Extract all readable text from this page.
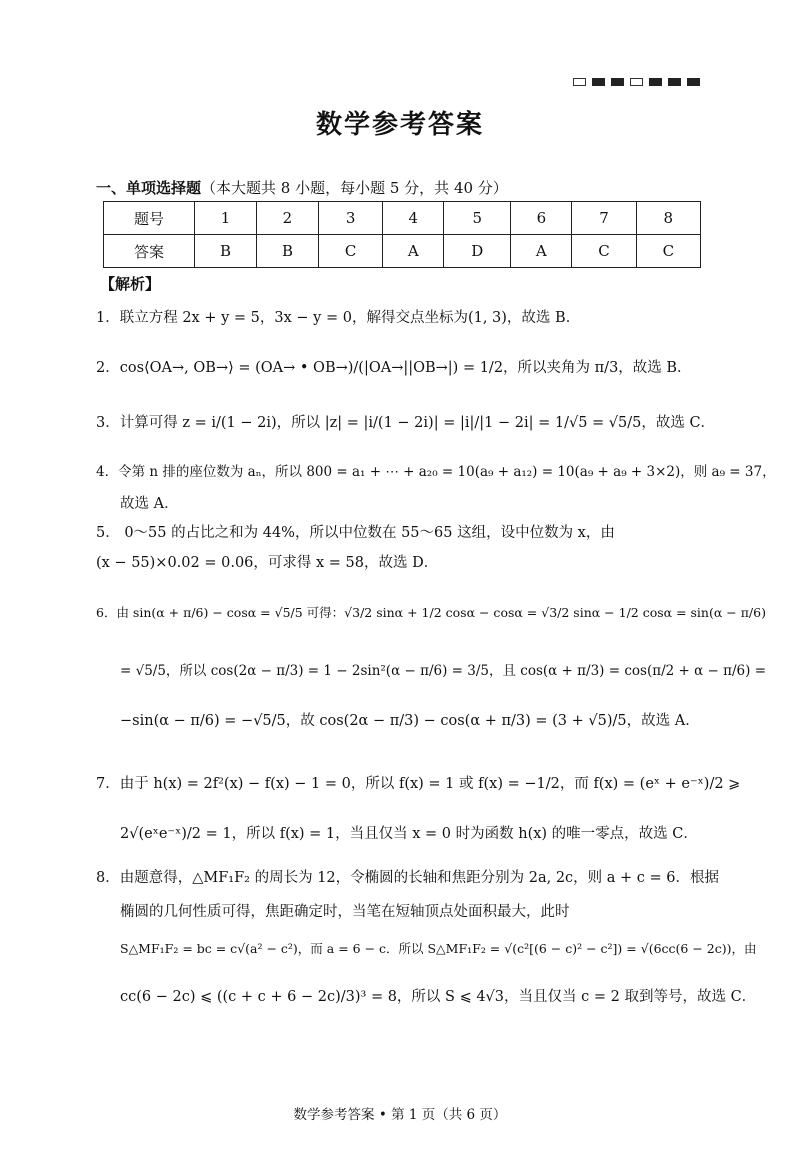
数学参考答案
一、单项选择题（本大题共 8 小题，每小题 5 分，共 40 分）
题号	1	2	3	4	5	6	7	8
答案	B	B	C	A	D	A	C	C
【解析】
1．联立方程 2x + y = 5，3x − y = 0，解得交点坐标为(1, 3)，故选 B．
2．cos⟨OA→, OB→⟩ = (OA→ • OB→)/(|OA→||OB→|) = 1/2，所以夹角为 π/3，故选 B．
3．计算可得 z = i/(1 − 2i)，所以 |z| = |i/(1 − 2i)| = |i|/|1 − 2i| = 1/√5 = √5/5，故选 C．
4．令第 n 排的座位数为 aₙ，所以 800 = a₁ + ⋯ + a₂₀ = 10(a₉ + a₁₂) = 10(a₉ + a₉ + 3×2)，则 a₉ = 37，
故选 A．
5． 0～55 的占比之和为 44%，所以中位数在 55～65 这组，设中位数为 x，由
(x − 55)×0.02 = 0.06，可求得 x = 58，故选 D．
6．由 sin(α + π/6) − cosα = √5/5 可得：√3/2 sinα + 1/2 cosα − cosα = √3/2 sinα − 1/2 cosα = sin(α − π/6)
= √5/5，所以 cos(2α − π/3) = 1 − 2sin²(α − π/6) = 3/5，且 cos(α + π/3) = cos(π/2 + α − π/6) =
−sin(α − π/6) = −√5/5，故 cos(2α − π/3) − cos(α + π/3) = (3 + √5)/5，故选 A．
7．由于 h(x) = 2f²(x) − f(x) − 1 = 0，所以 f(x) = 1 或 f(x) = −1/2，而 f(x) = (eˣ + e⁻ˣ)/2 ⩾
2√(eˣe⁻ˣ)/2 = 1，所以 f(x) = 1，当且仅当 x = 0 时为函数 h(x) 的唯一零点，故选 C．
8．由题意得，△MF₁F₂ 的周长为 12，令椭圆的长轴和焦距分别为 2a, 2c，则 a + c = 6．根据
椭圆的几何性质可得，焦距确定时，当笔在短轴顶点处面积最大，此时
S△MF₁F₂ = bc = c√(a² − c²)，而 a = 6 − c．所以 S△MF₁F₂ = √(c²[(6 − c)² − c²]) = √(6cc(6 − 2c))，由
cc(6 − 2c) ⩽ ((c + c + 6 − 2c)/3)³ = 8，所以 S ⩽ 4√3，当且仅当 c = 2 取到等号，故选 C．
数学参考答案 • 第 1 页（共 6 页）
